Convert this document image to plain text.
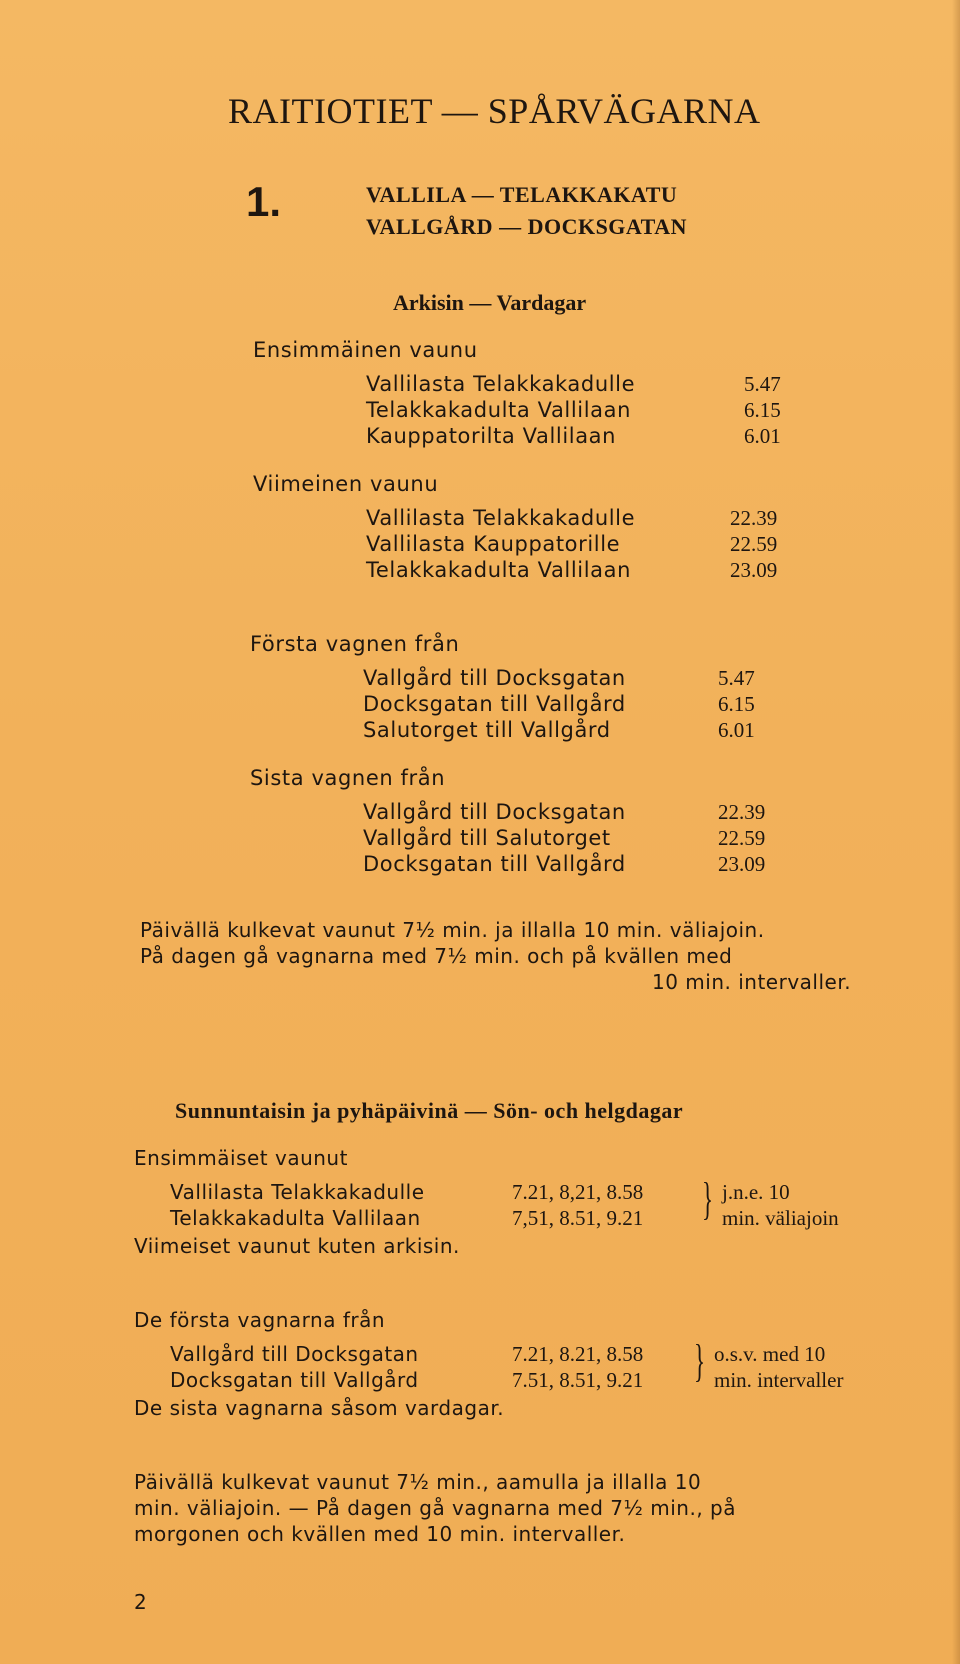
RAITIOTIET — SPÅRVÄGARNA
1.	VALLILA — TELAKKAKATU
VALLGÅRD — DOCKSGATAN
Arkisin — Vardagar
Ensimmäinen vaunu
Vallilasta Telakkakadulle	5.47
Telakkakadulta Vallilaan	6.15
Kauppatorilta Vallilaan	6.01
Viimeinen vaunu
Vallilasta Telakkakadulle	22.39
Vallilasta Kauppatorille	22.59
Telakkakadulta Vallilaan	23.09
Första vagnen från
Vallgård till Docksgatan	5.47
Docksgatan till Vallgård	6.15
Salutorget till Vallgård	6.01
Sista vagnen från
Vallgård till Docksgatan	22.39
Vallgård till Salutorget	22.59
Docksgatan till Vallgård	23.09
Päivällä kulkevat vaunut 7½ min. ja illalla 10 min. väliajoin.
På dagen gå vagnarna med 7½ min. och på kvällen med
10 min. intervaller.
Sunnuntaisin ja pyhäpäivinä — Sön- och helgdagar
Ensimmäiset vaunut
Vallilasta Telakkakadulle	7.21, 8,21, 8.58
Telakkakadulta Vallilaan	7,51, 8.51, 9.21 } j.n.e. 10
min. väliajoin
Viimeiset vaunut kuten arkisin.
De första vagnarna från
Vallgård till Docksgatan	7.21, 8.21, 8.58
Docksgatan till Vallgård	7.51, 8.51, 9.21 } o.s.v. med 10
min. intervaller
De sista vagnarna såsom vardagar.
Päivällä kulkevat vaunut 7½ min., aamulla ja illalla 10
min. väliajoin. — På dagen gå vagnarna med 7½ min., på
morgonen och kvällen med 10 min. intervaller.
2
